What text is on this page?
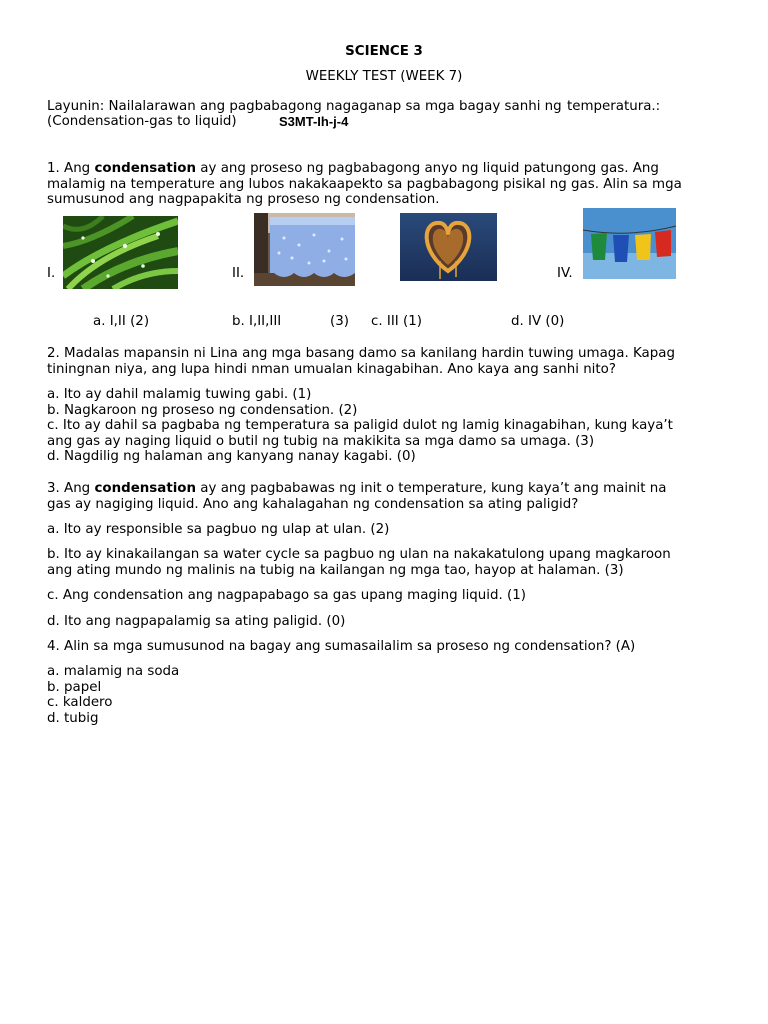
SCIENCE 3
WEEKLY TEST (WEEK 7)
Layunin: Nailalarawan ang pagbabagong nagaganap sa mga bagay sanhi ng temperatura.:
(Condensation-gas to liquid)	S3MT-Ih-j-4
1. Ang condensation ay ang proseso ng pagbabagong anyo ng liquid patungong gas. Ang
malamig na temperature ang lubos nakakaapekto sa pagbabagong pisikal ng gas. Alin sa mga
sumusunod ang nagpapakita ng proseso ng condensation.
I.	II.	IV.
a. I,II (2)	b. I,II,III	(3) c. III (1)	d. IV (0)
2. Madalas mapansin ni Lina ang mga basang damo sa kanilang hardin tuwing umaga. Kapag
tiningnan niya, ang lupa hindi nman umualan kinagabihan. Ano kaya ang sanhi nito?
a. Ito ay dahil malamig tuwing gabi. (1)
b. Nagkaroon ng proseso ng condensation. (2)
c. Ito ay dahil sa pagbaba ng temperatura sa paligid dulot ng lamig kinagabihan, kung kaya’t
ang gas ay naging liquid o butil ng tubig na makikita sa mga damo sa umaga. (3)
d. Nagdilig ng halaman ang kanyang nanay kagabi. (0)
3. Ang condensation ay ang pagbabawas ng init o temperature, kung kaya’t ang mainit na
gas ay nagiging liquid. Ano ang kahalagahan ng condensation sa ating paligid?
a. Ito ay responsible sa pagbuo ng ulap at ulan. (2)
b. Ito ay kinakailangan sa water cycle sa pagbuo ng ulan na nakakatulong upang magkaroon
ang ating mundo ng malinis na tubig na kailangan ng mga tao, hayop at halaman. (3)
c. Ang condensation ang nagpapabago sa gas upang maging liquid. (1)
d. Ito ang nagpapalamig sa ating paligid. (0)
4. Alin sa mga sumusunod na bagay ang sumasailalim sa proseso ng condensation? (A)
a. malamig na soda
b. papel
c. kaldero
d. tubig
